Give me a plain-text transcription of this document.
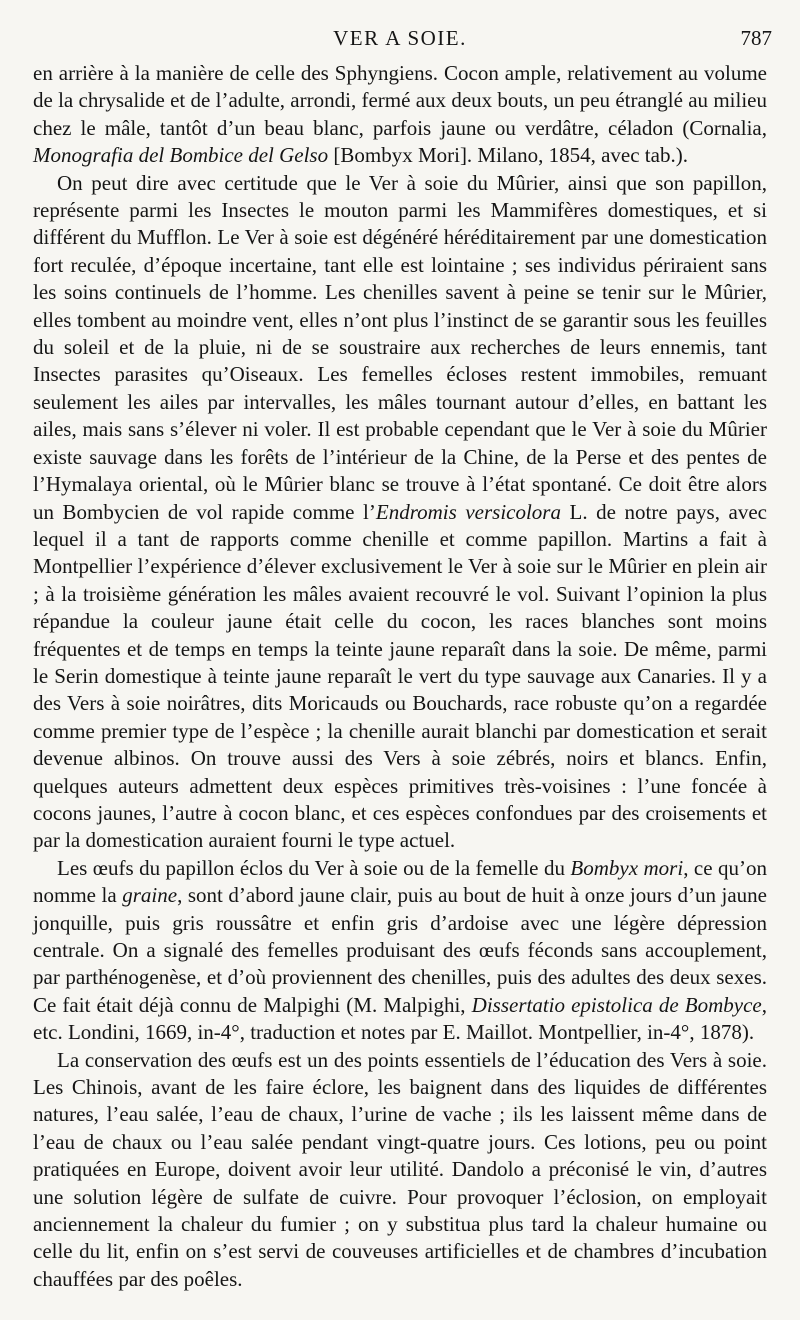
VER A SOIE.	787

en arrière à la manière de celle des Sphyngiens. Cocon ample, relativement au volume de la chrysalide et de l’adulte, arrondi, fermé aux deux bouts, un peu étranglé au milieu chez le mâle, tantôt d’un beau blanc, parfois jaune ou verdâtre, céladon (Cornalia, Monografia del Bombice del Gelso [Bombyx Mori]. Milano, 1854, avec tab.).

On peut dire avec certitude que le Ver à soie du Mûrier, ainsi que son papillon, représente parmi les Insectes le mouton parmi les Mammifères domestiques, et si différent du Mufflon. Le Ver à soie est dégénéré héréditairement par une domestication fort reculée, d’époque incertaine, tant elle est lointaine ; ses individus périraient sans les soins continuels de l’homme. Les chenilles savent à peine se tenir sur le Mûrier, elles tombent au moindre vent, elles n’ont plus l’instinct de se garantir sous les feuilles du soleil et de la pluie, ni de se soustraire aux recherches de leurs ennemis, tant Insectes parasites qu’Oiseaux. Les femelles écloses restent immobiles, remuant seulement les ailes par intervalles, les mâles tournant autour d’elles, en battant les ailes, mais sans s’élever ni voler. Il est probable cependant que le Ver à soie du Mûrier existe sauvage dans les forêts de l’intérieur de la Chine, de la Perse et des pentes de l’Hymalaya oriental, où le Mûrier blanc se trouve à l’état spontané. Ce doit être alors un Bombycien de vol rapide comme l’Endromis versicolora L. de notre pays, avec lequel il a tant de rapports comme chenille et comme papillon. Martins a fait à Montpellier l’expérience d’élever exclusivement le Ver à soie sur le Mûrier en plein air ; à la troisième génération les mâles avaient recouvré le vol. Suivant l’opinion la plus répandue la couleur jaune était celle du cocon, les races blanches sont moins fréquentes et de temps en temps la teinte jaune reparaît dans la soie. De même, parmi le Serin domestique à teinte jaune reparaît le vert du type sauvage aux Canaries. Il y a des Vers à soie noirâtres, dits Moricauds ou Bouchards, race robuste qu’on a regardée comme premier type de l’espèce ; la chenille aurait blanchi par domestication et serait devenue albinos. On trouve aussi des Vers à soie zébrés, noirs et blancs. Enfin, quelques auteurs admettent deux espèces primitives très-voisines : l’une foncée à cocons jaunes, l’autre à cocon blanc, et ces espèces confondues par des croisements et par la domestication auraient fourni le type actuel.

Les œufs du papillon éclos du Ver à soie ou de la femelle du Bombyx mori, ce qu’on nomme la graine, sont d’abord jaune clair, puis au bout de huit à onze jours d’un jaune jonquille, puis gris roussâtre et enfin gris d’ardoise avec une légère dépression centrale. On a signalé des femelles produisant des œufs féconds sans accouplement, par parthénogenèse, et d’où proviennent des chenilles, puis des adultes des deux sexes. Ce fait était déjà connu de Malpighi (M. Malpighi, Dissertatio epistolica de Bombyce, etc. Londini, 1669, in-4°, traduction et notes par E. Maillot. Montpellier, in-4°, 1878).

La conservation des œufs est un des points essentiels de l’éducation des Vers à soie. Les Chinois, avant de les faire éclore, les baignent dans des liquides de différentes natures, l’eau salée, l’eau de chaux, l’urine de vache ; ils les laissent même dans de l’eau de chaux ou l’eau salée pendant vingt-quatre jours. Ces lotions, peu ou point pratiquées en Europe, doivent avoir leur utilité. Dandolo a préconisé le vin, d’autres une solution légère de sulfate de cuivre. Pour provoquer l’éclosion, on employait anciennement la chaleur du fumier ; on y substitua plus tard la chaleur humaine ou celle du lit, enfin on s’est servi de couveuses artificielles et de chambres d’incubation chauffées par des poêles.
